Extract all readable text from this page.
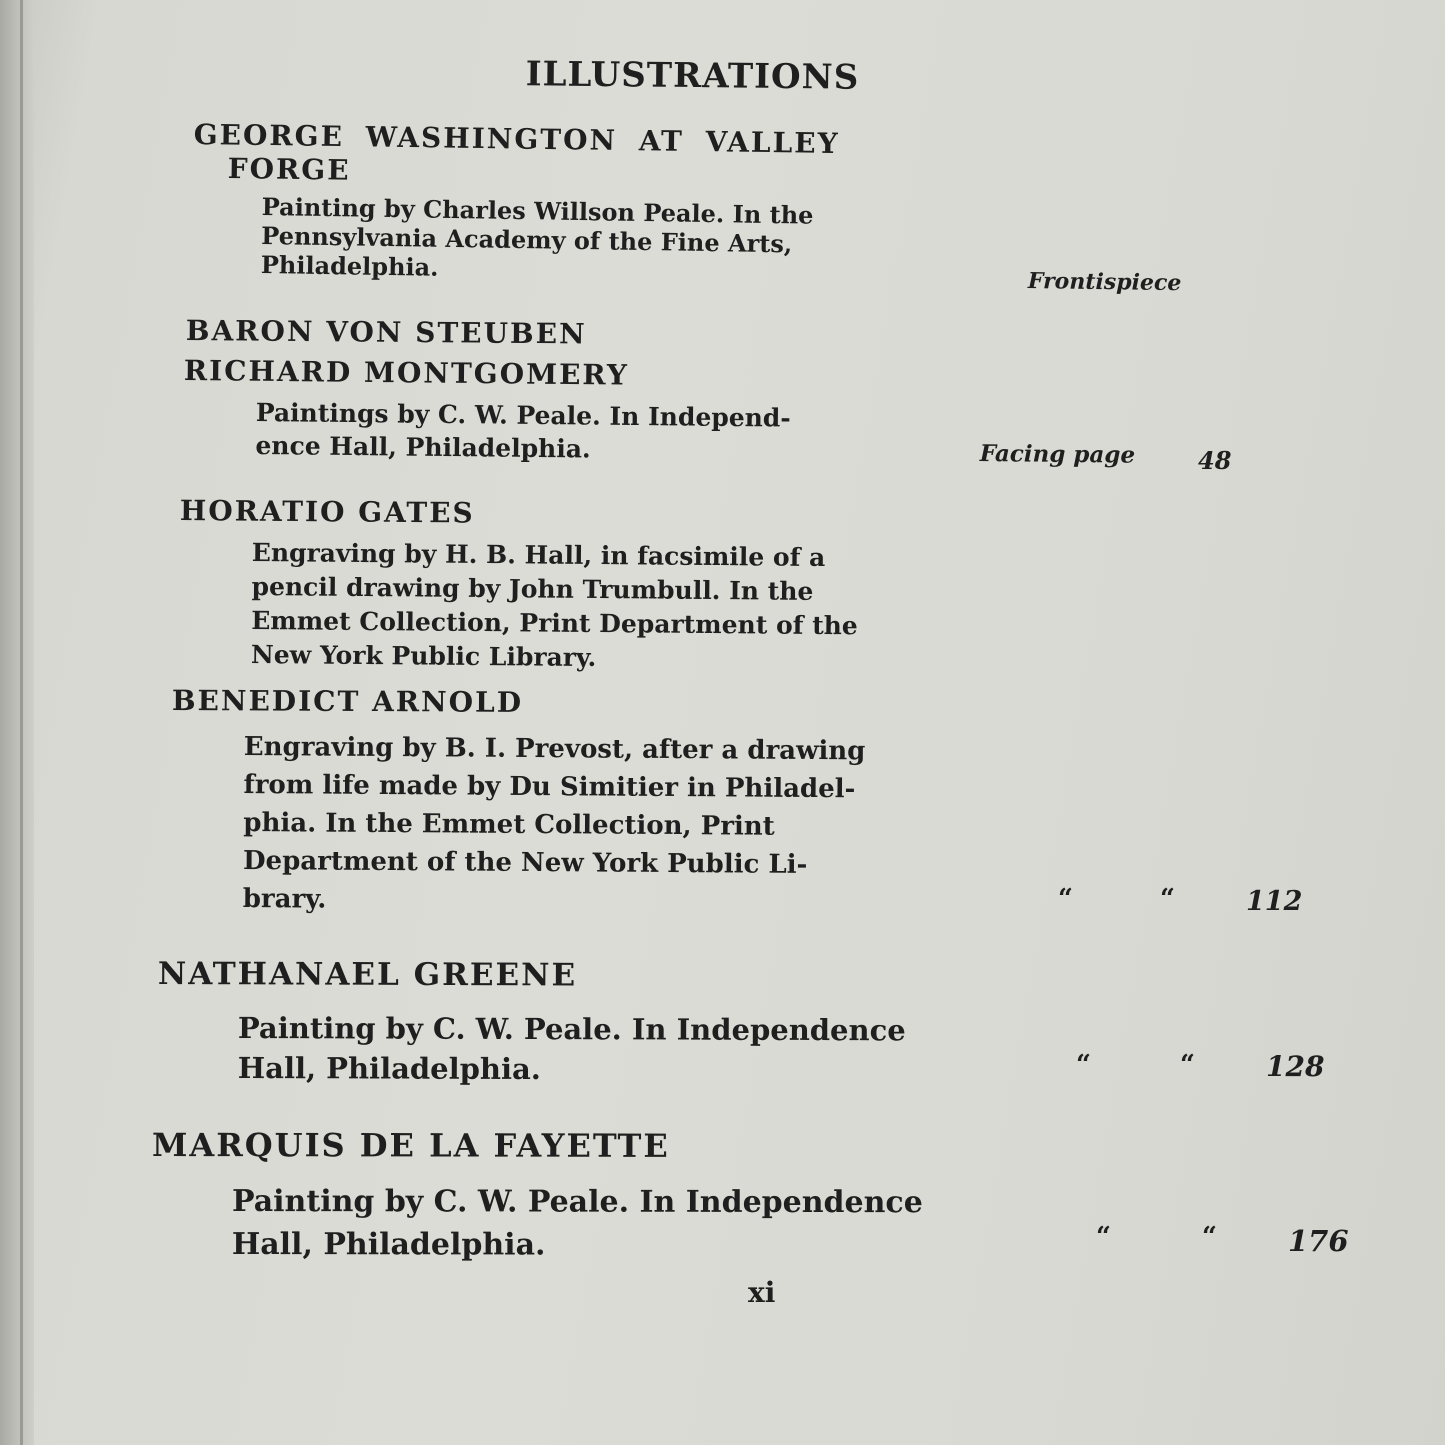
ILLUSTRATIONS
GEORGE WASHINGTON AT VALLEY
FORGE
Painting by Charles Willson Peale. In the
Pennsylvania Academy of the Fine Arts,
Philadelphia.
Frontispiece
BARON VON STEUBEN
RICHARD MONTGOMERY
Paintings by C. W. Peale. In Independ-
ence Hall, Philadelphia.	Facing page	48
HORATIO GATES
Engraving by H. B. Hall, in facsimile of a
pencil drawing by John Trumbull. In the
Emmet Collection, Print Department of the
New York Public Library.
BENEDICT ARNOLD
Engraving by B. I. Prevost, after a drawing
from life made by Du Simitier in Philadel-
phia. In the Emmet Collection, Print
Department of the New York Public Li-
brary.	“	“	112
NATHANAEL GREENE
Painting by C. W. Peale. In Independence
Hall, Philadelphia.	“	“	128
MARQUIS DE LA FAYETTE
Painting by C. W. Peale. In Independence
Hall, Philadelphia.	“	“ 176
xi
